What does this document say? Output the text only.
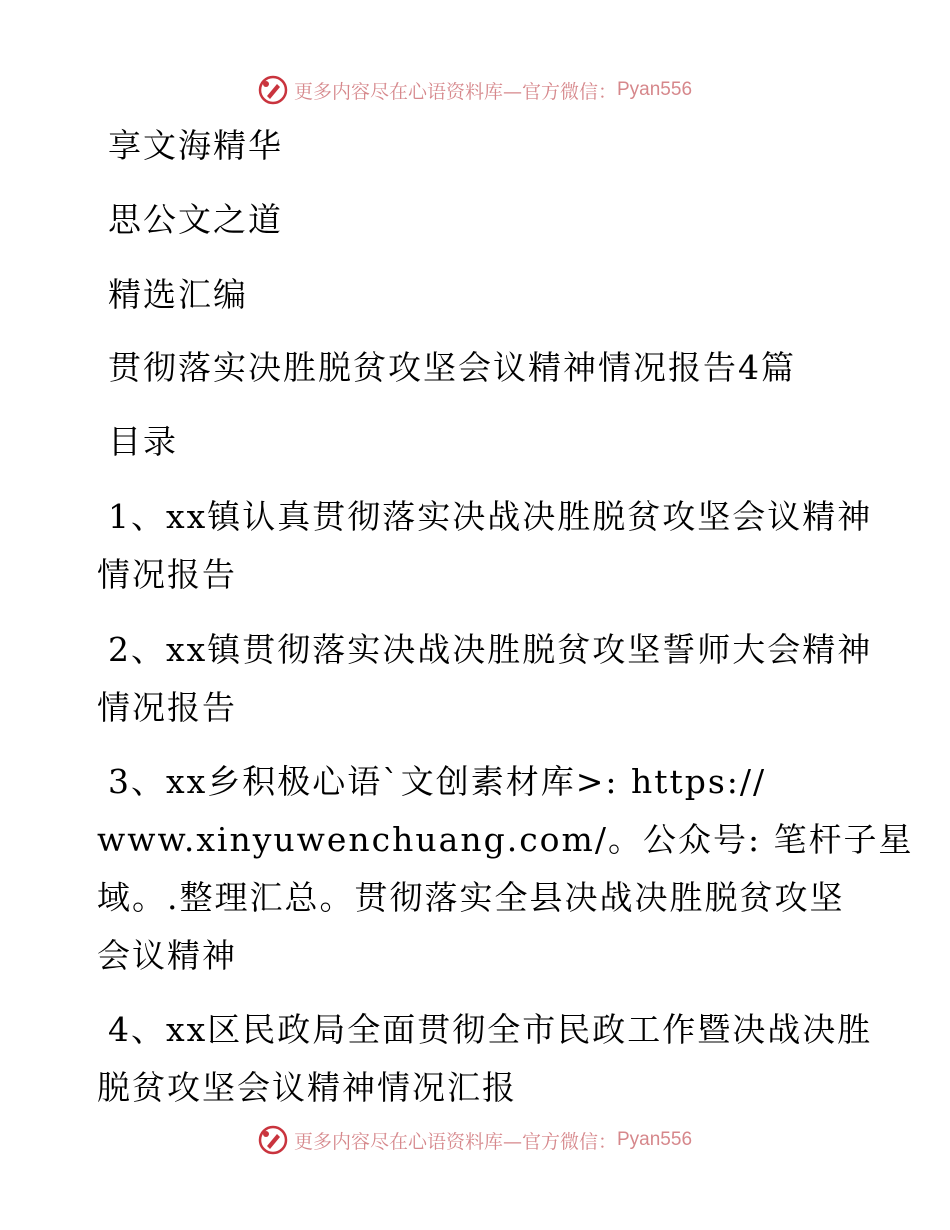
更多内容尽在心语资料库—官方微信： Pyan556
享文海精华
思公文之道
精选汇编
贯彻落实决胜脱贫攻坚会议精神情况报告4篇
目录
1、xx镇认真贯彻落实决战决胜脱贫攻坚会议精神
情况报告
2、xx镇贯彻落实决战决胜脱贫攻坚誓师大会精神
情况报告
3、xx乡积极心语`文创素材库>: https://
www.xinyuwenchuang.com/。公众号: 笔杆子星
域。.整理汇总。贯彻落实全县决战决胜脱贫攻坚
会议精神
4、xx区民政局全面贯彻全市民政工作暨决战决胜
脱贫攻坚会议精神情况汇报
更多内容尽在心语资料库—官方微信： Pyan556
